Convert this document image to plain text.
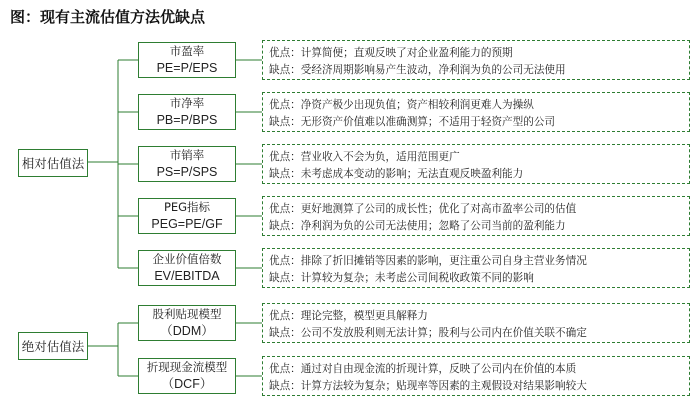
图：现有主流估值方法优缺点
相对估值法
绝对估值法
市盈率
PE=P/EPS
市净率
PB=P/BPS
市销率
PS=P/SPS
PEG指标
PEG=PE/GF
企业价值倍数
EV/EBITDA
股利贴现模型
（DDM）
折现现金流模型
（DCF）
优点：计算简便；直观反映了对企业盈利能力的预期
缺点：受经济周期影响易产生波动，净利润为负的公司无法使用
优点：净资产极少出现负值；资产相较利润更难人为操纵
缺点：无形资产价值难以准确测算；不适用于轻资产型的公司
优点：营业收入不会为负，适用范围更广
缺点：未考虑成本变动的影响；无法直观反映盈利能力
优点：更好地测算了公司的成长性；优化了对高市盈率公司的估值
缺点：净利润为负的公司无法使用；忽略了公司当前的盈利能力
优点：排除了折旧摊销等因素的影响，更注重公司自身主营业务情况
缺点：计算较为复杂；未考虑公司间税收政策不同的影响
优点：理论完整，模型更具解释力
缺点：公司不发放股利则无法计算；股利与公司内在价值关联不确定
优点：通过对自由现金流的折现计算，反映了公司内在价值的本质
缺点：计算方法较为复杂；贴现率等因素的主观假设对结果影响较大
